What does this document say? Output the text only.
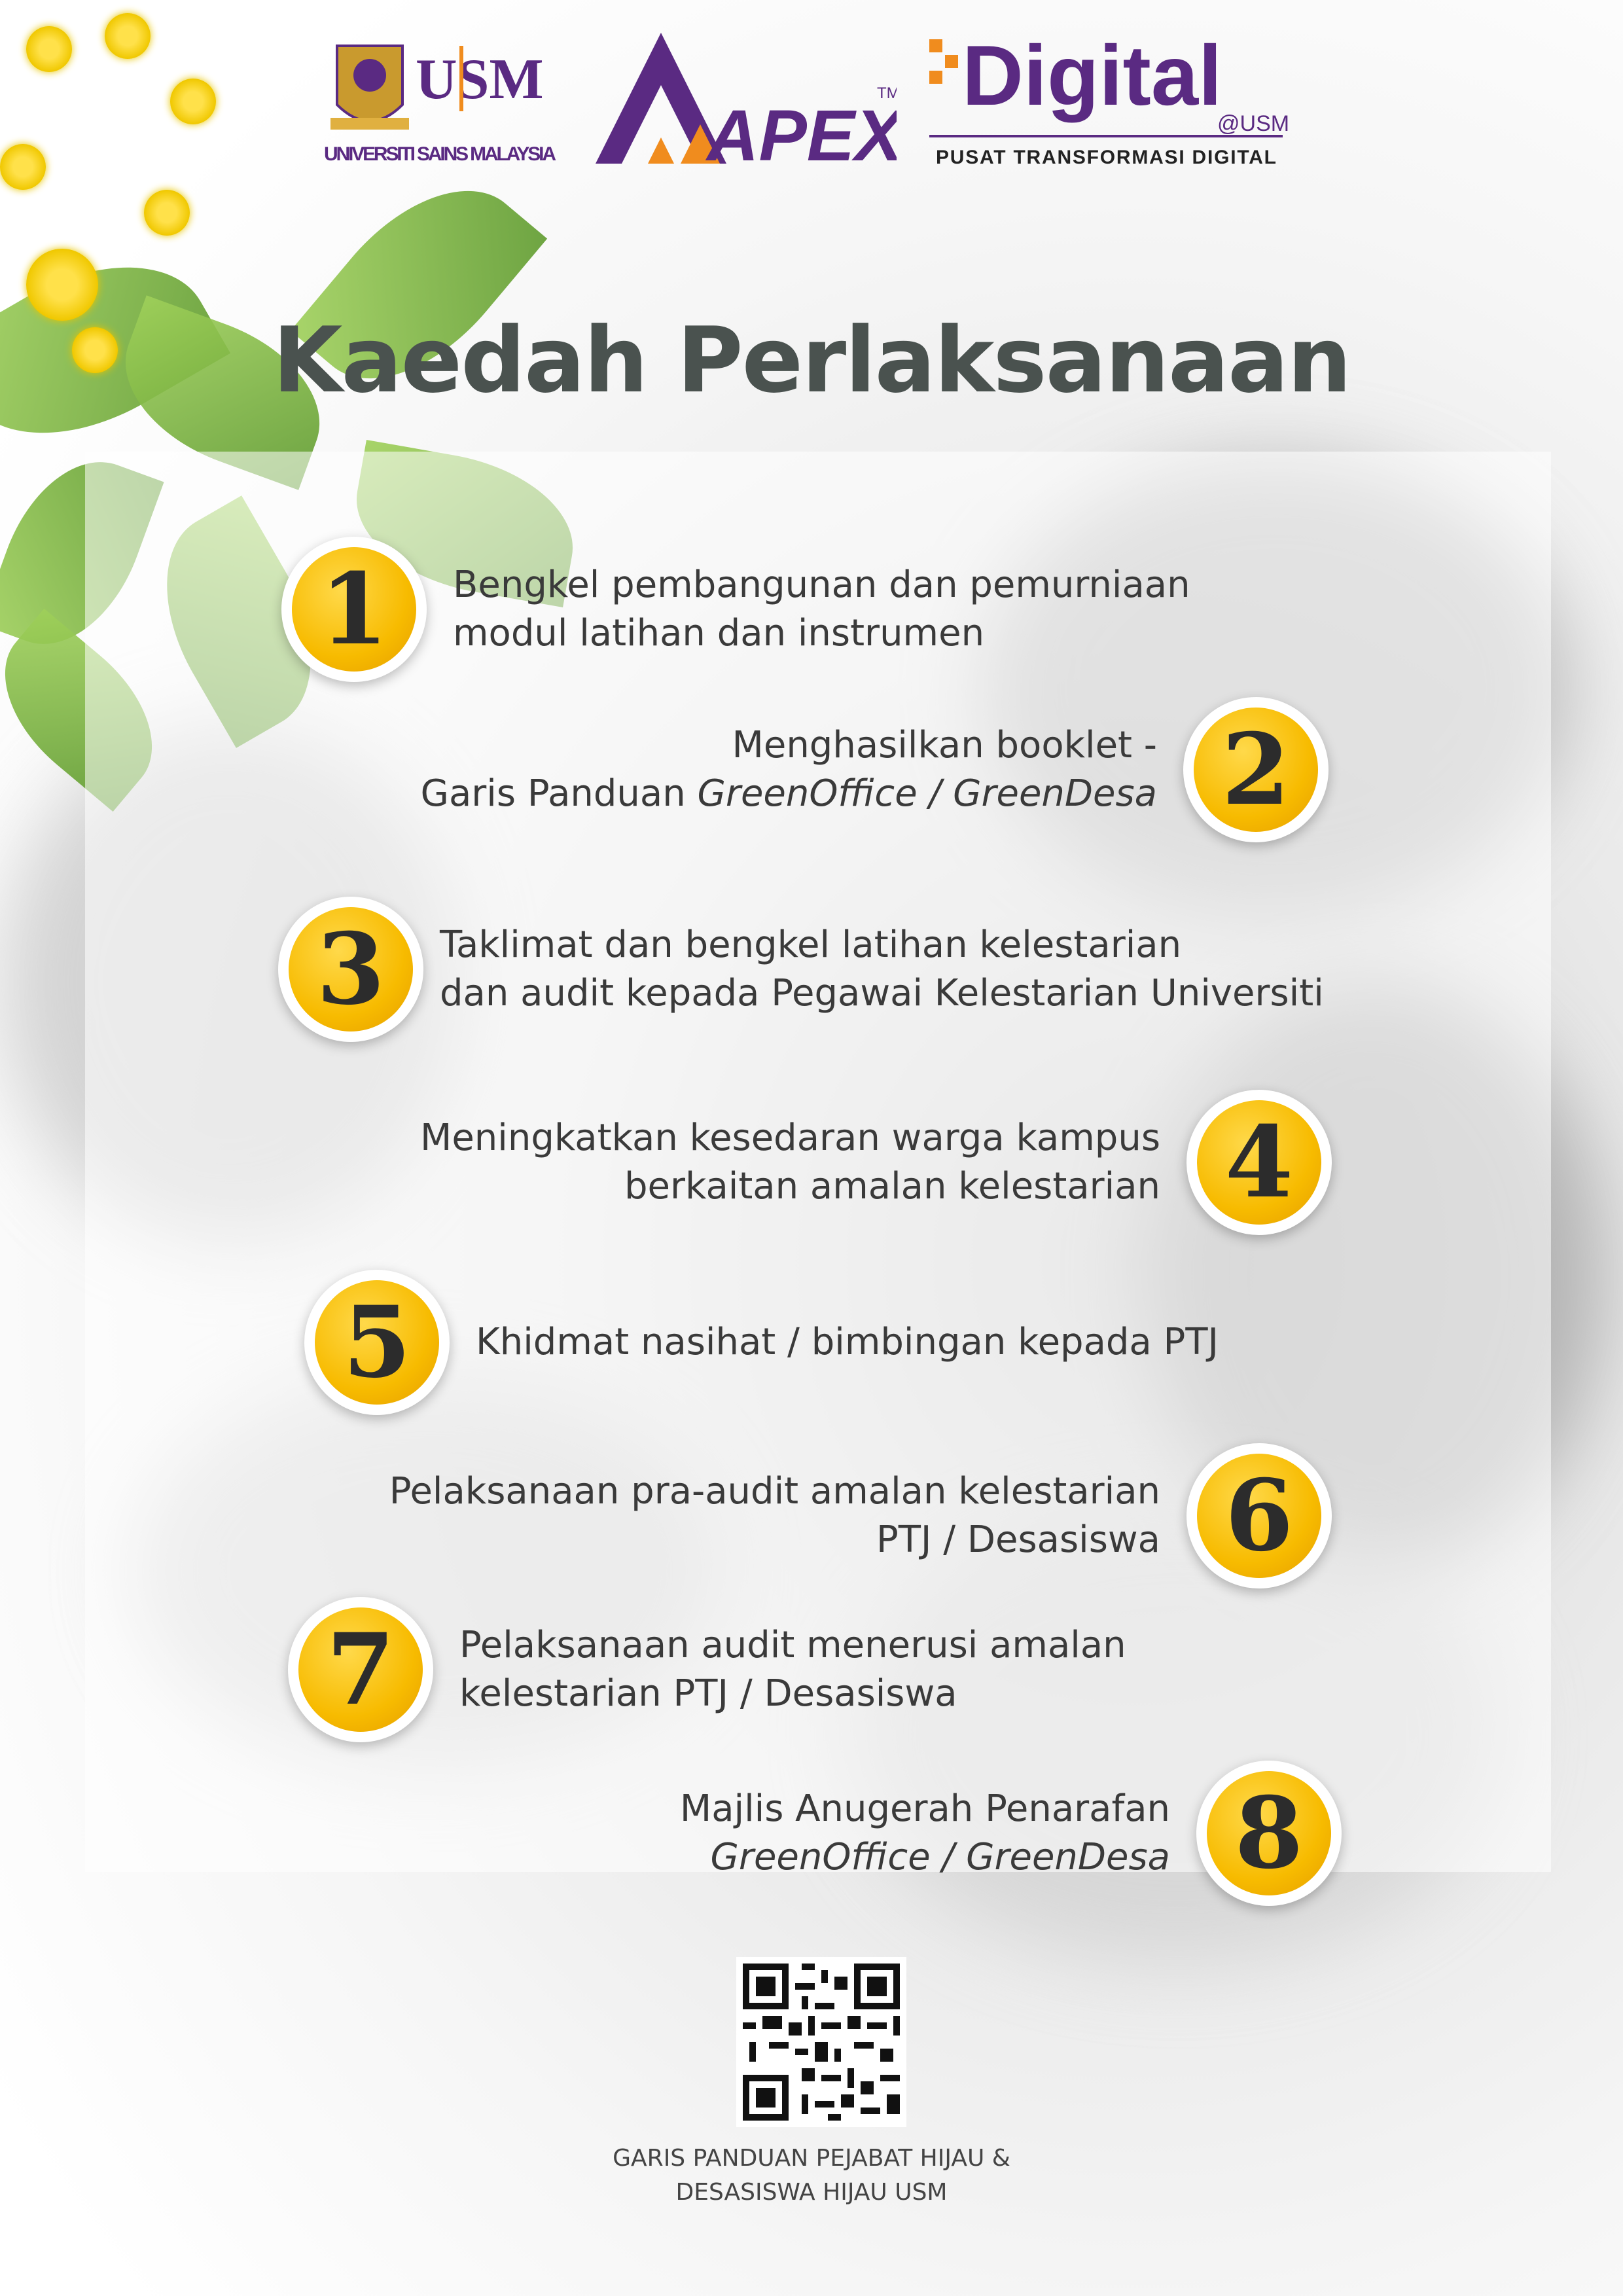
USM
UNIVERSITI SAINS MALAYSIA APEX
TM Digital
@USM
PUSAT TRANSFORMASI DIGITAL
Kaedah Perlaksanaan
1	Bengkel pembangunan dan pemurniaan
modul latihan dan instrumen
Menghasilkan booklet -
Garis Panduan GreenOffice / GreenDesa 2
3	Taklimat dan bengkel latihan kelestarian
dan audit kepada Pegawai Kelestarian Universiti
Meningkatkan kesedaran warga kampus
berkaitan amalan kelestarian 4
5	Khidmat nasihat / bimbingan kepada PTJ
Pelaksanaan pra-audit amalan kelestarian
PTJ / Desasiswa 6
7	Pelaksanaan audit menerusi amalan
kelestarian PTJ / Desasiswa
Majlis Anugerah Penarafan
GreenOffice / GreenDesa 8
GARIS PANDUAN PEJABAT HIJAU &
DESASISWA HIJAU USM
